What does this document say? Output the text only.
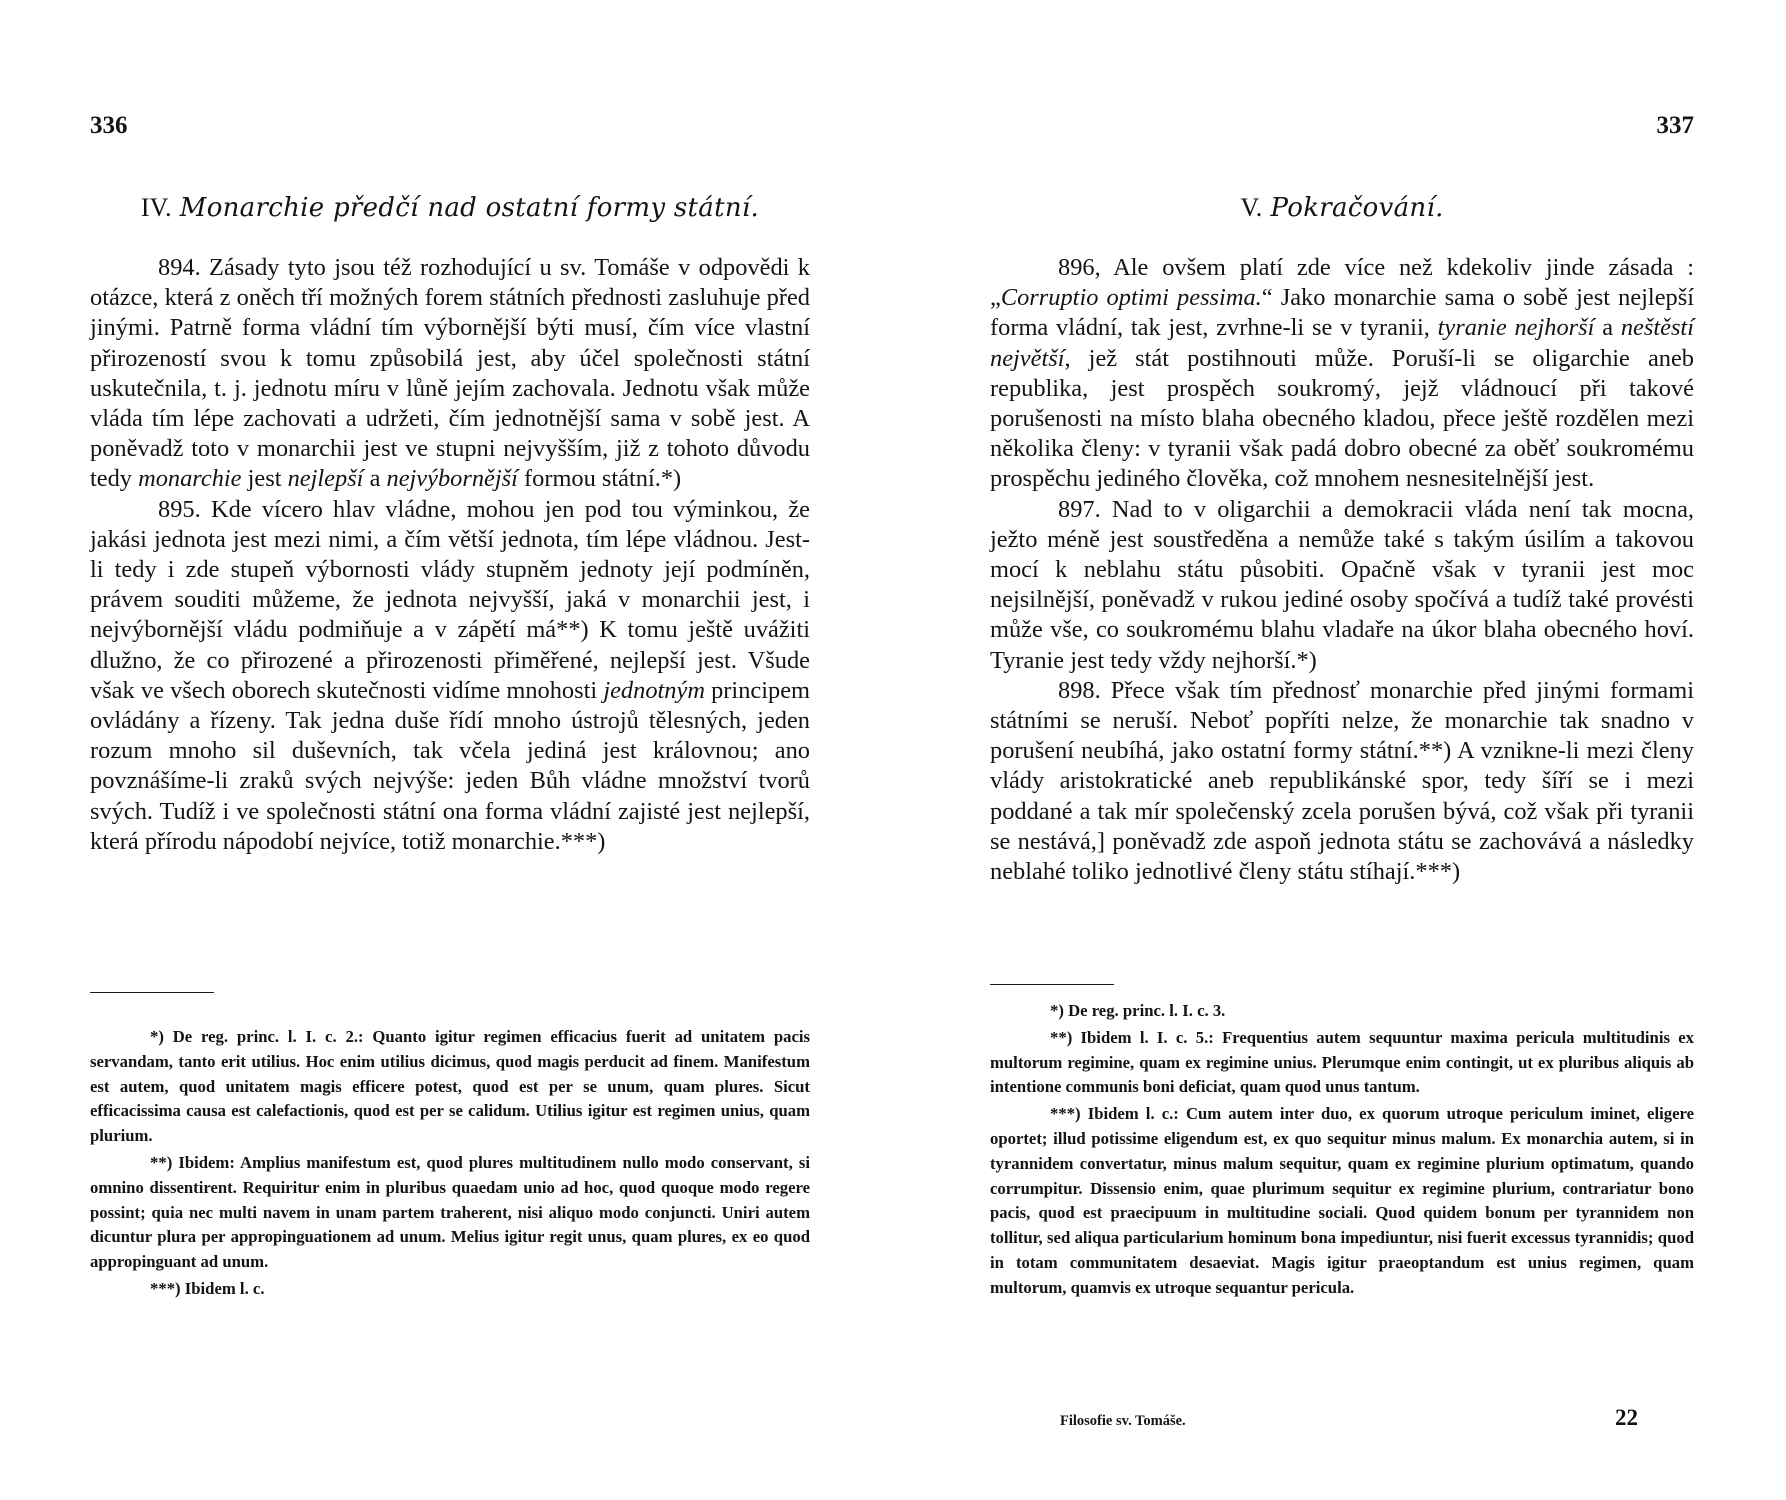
336
IV. Monarchie předčí nad ostatní formy státní.

894. Zásady tyto jsou též rozhodující u sv. Tomáše v odpovědi k otázce, která z oněch tří možných forem státních přednosti zasluhuje před jinými. Patrně forma vládní tím výbornější býti musí, čím více vlastní přirozeností svou k tomu způsobilá jest, aby účel společnosti státní uskutečnila, t. j. jednotu míru v lůně jejím zachovala. Jednotu však může vláda tím lépe zachovati a udržeti, čím jednotnější sama v sobě jest. A poněvadž toto v monarchii jest ve stupni nejvyšším, již z tohoto důvodu tedy monarchie jest nejlepší a nejvýbornější formou státní.*)

895. Kde vícero hlav vládne, mohou jen pod tou výminkou, že jakási jednota jest mezi nimi, a čím větší jednota, tím lépe vládnou. Jest-li tedy i zde stupeň výbornosti vlády stupněm jednoty její podmíněn, právem souditi můžeme, že jednota nejvyšší, jaká v monarchii jest, i nejvýbornější vládu podmiňuje a v zápětí má**) K tomu ještě uvážiti dlužno, že co přirozené a přirozenosti přiměřené, nejlepší jest. Všude však ve všech oborech skutečnosti vidíme mnohosti jednotným principem ovládány a řízeny. Tak jedna duše řídí mnoho ústrojů tělesných, jeden rozum mnoho sil duševních, tak včela jediná jest královnou; ano povznášíme-li zraků svých nejvýše: jeden Bůh vládne množství tvorů svých. Tudíž i ve společnosti státní ona forma vládní zajisté jest nejlepší, která přírodu nápodobí nejvíce, totiž monarchie.***)

*) De reg. princ. l. I. c. 2.: Quanto igitur regimen efficacius fuerit ad unitatem pacis servandam, tanto erit utilius. Hoc enim utilius dicimus, quod magis perducit ad finem. Manifestum est autem, quod unitatem magis efficere potest, quod est per se unum, quam plures. Sicut efficacissima causa est calefactionis, quod est per se calidum. Utilius igitur est regimen unius, quam plurium.

**) Ibidem: Amplius manifestum est, quod plures multitudinem nullo modo conservant, si omnino dissentirent. Requiritur enim in pluribus quaedam unio ad hoc, quod quoque modo regere possint; quia nec multi navem in unam partem traherent, nisi aliquo modo conjuncti. Uniri autem dicuntur plura per appropinguationem ad unum. Melius igitur regit unus, quam plures, ex eo quod appropinguant ad unum.

***) Ibidem l. c.

337
V. Pokračování.

896, Ale ovšem platí zde více než kdekoliv jinde zásada : „Corruptio optimi pessima.“ Jako monarchie sama o sobě jest nejlepší forma vládní, tak jest, zvrhne-li se v tyranii, tyranie nejhorší a neštěstí největší, jež stát postihnouti může. Poruší-li se oligarchie aneb republika, jest prospěch soukromý, jejž vládnoucí při takové porušenosti na místo blaha obecného kladou, přece ještě rozdělen mezi několika členy: v tyranii však padá dobro obecné za oběť soukromému prospěchu jediného člověka, což mnohem nesnesitelnější jest.

897. Nad to v oligarchii a demokracii vláda není tak mocna, ježto méně jest soustředěna a nemůže také s takým úsilím a takovou mocí k neblahu státu působiti. Opačně však v tyranii jest moc nejsilnější, poněvadž v rukou jediné osoby spočívá a tudíž také provésti může vše, co soukromému blahu vladaře na úkor blaha obecného hoví. Tyranie jest tedy vždy nejhorší.*)

898. Přece však tím přednosť monarchie před jinými formami státními se neruší. Neboť popříti nelze, že monarchie tak snadno v porušení neubíhá, jako ostatní formy státní.**) A vznikne-li mezi členy vlády aristokratické aneb republikánské spor, tedy šíří se i mezi poddané a tak mír společenský zcela porušen bývá, což však při tyranii se nestává,] poněvadž zde aspoň jednota státu se zachovává a následky neblahé toliko jednotlivé členy státu stíhají.***)

*) De reg. princ. l. I. c. 3.

**) Ibidem l. I. c. 5.: Frequentius autem sequuntur maxima pericula multitudinis ex multorum regimine, quam ex regimine unius. Plerumque enim contingit, ut ex pluribus aliquis ab intentione communis boni deficiat, quam quod unus tantum.

***) Ibidem l. c.: Cum autem inter duo, ex quorum utroque periculum iminet, eligere oportet; illud potissime eligendum est, ex quo sequitur minus malum. Ex monarchia autem, si in tyrannidem convertatur, minus malum sequitur, quam ex regimine plurium optimatum, quando corrumpitur. Dissensio enim, quae plurimum sequitur ex regimine plurium, contrariatur bono pacis, quod est praecipuum in multitudine sociali. Quod quidem bonum per tyrannidem non tollitur, sed aliqua particularium hominum bona impediuntur, nisi fuerit excessus tyrannidis; quod in totam communitatem desaeviat. Magis igitur praeoptandum est unius regimen, quam multorum, quamvis ex utroque sequantur pericula.

Filosofie sv. Tomáše.	22
